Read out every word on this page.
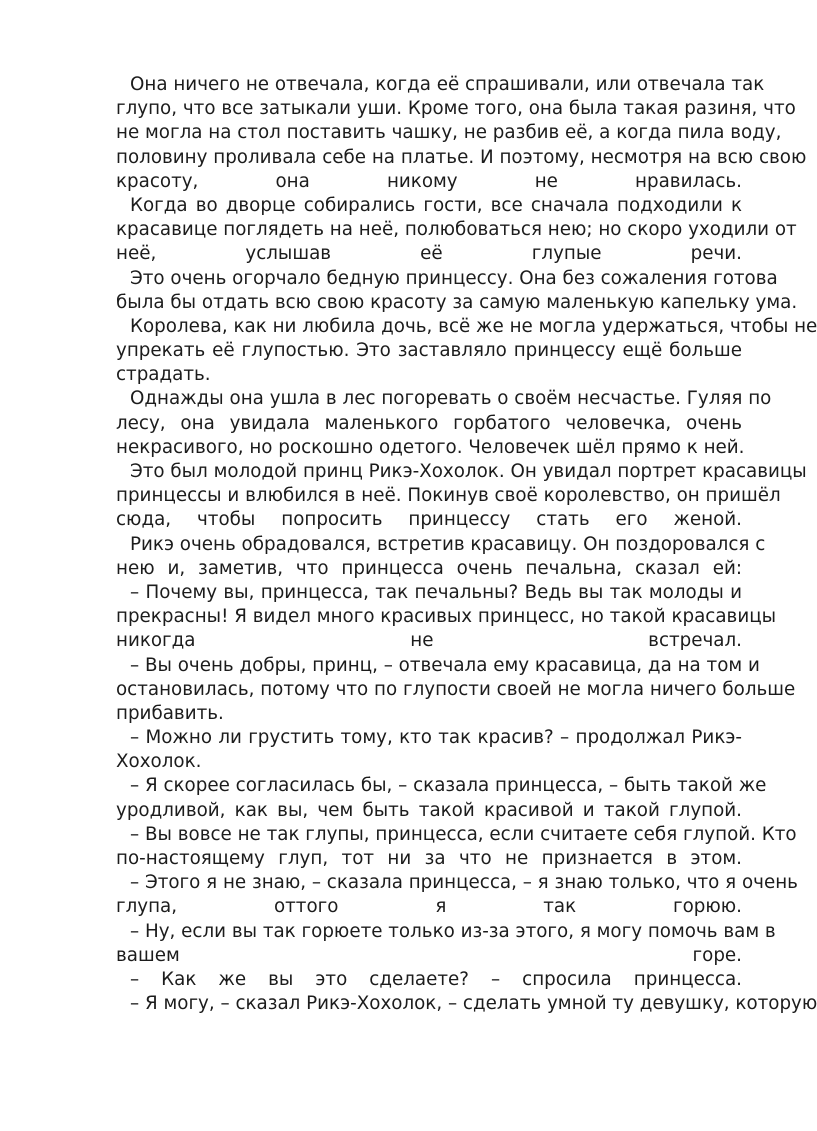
Она ничего не отвечала, когда её спрашивали, или отвечала так
глупо, что все затыкали уши. Кроме того, она была такая разиня, что
не могла на стол поставить чашку, не разбив её, а когда пила воду,
половину проливала себе на платье. И поэтому, несмотря на всю свою
красоту, она никому не нравилась.
Когда во дворце собирались гости, все сначала подходили к
красавице поглядеть на неё, полюбоваться нею; но скоро уходили от
неё, услышав её глупые речи.
Это очень огорчало бедную принцессу. Она без сожаления готова
была бы отдать всю свою красоту за самую маленькую капельку ума.
Королева, как ни любила дочь, всё же не могла удержаться, чтобы не
упрекать её глупостью. Это заставляло принцессу ещё больше
страдать.
Однажды она ушла в лес погоревать о своём несчастье. Гуляя по
лесу, она увидала маленького горбатого человечка, очень
некрасивого, но роскошно одетого. Человечек шёл прямо к ней.
Это был молодой принц Рикэ-Хохолок. Он увидал портрет красавицы
принцессы и влюбился в неё. Покинув своё королевство, он пришёл
сюда, чтобы попросить принцессу стать его женой.
Рикэ очень обрадовался, встретив красавицу. Он поздоровался с
нею и, заметив, что принцесса очень печальна, сказал ей:
– Почему вы, принцесса, так печальны? Ведь вы так молоды и
прекрасны! Я видел много красивых принцесс, но такой красавицы
никогда не встречал.
– Вы очень добры, принц, – отвечала ему красавица, да на том и
остановилась, потому что по глупости своей не могла ничего больше
прибавить.
– Можно ли грустить тому, кто так красив? – продолжал Рикэ-
Хохолок.
– Я скорее согласилась бы, – сказала принцесса, – быть такой же
уродливой, как вы, чем быть такой красивой и такой глупой.
– Вы вовсе не так глупы, принцесса, если считаете себя глупой. Кто
по-настоящему глуп, тот ни за что не признается в этом.
– Этого я не знаю, – сказала принцесса, – я знаю только, что я очень
глупа, оттого я так горюю.
– Ну, если вы так горюете только из-за этого, я могу помочь вам в
вашем горе.
– Как же вы это сделаете? – спросила принцесса.
– Я могу, – сказал Рикэ-Хохолок, – сделать умной ту девушку, которую
